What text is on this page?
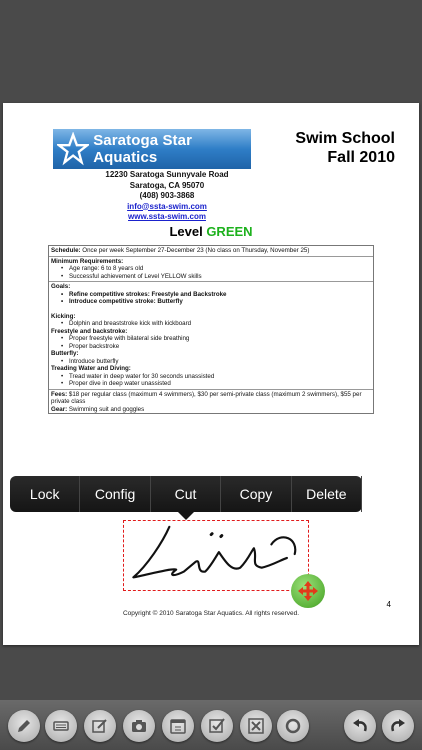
Saratoga Star Aquatics
12230 Saratoga Sunnyvale Road
Saratoga, CA 95070
(408) 903-3868
info@ssta-swim.com
www.ssta-swim.com
Swim School
Fall 2010
Level GREEN
Schedule: Once per week September 27-December 23 (No class on Thursday, November 25)
Minimum Requirements:
• Age range: 6 to 8 years old
• Successful achievement of Level YELLOW skills
Goals:
• Refine competitive strokes: Freestyle and Backstroke
• Introduce competitive stroke: Butterfly
Kicking:
• Dolphin and breaststroke kick with kickboard
Freestyle and backstroke:
• Proper freestyle with bilateral side breathing
• Proper backstroke
Butterfly:
• Introduce butterfly
Treading Water and Diving:
• Tread water in deep water for 30 seconds unassisted
• Proper dive in deep water unassisted
Fees: $18 per regular class (maximum 4 swimmers), $30 per semi-private class (maximum 2 swimmers), $55 per private class
Gear: Swimming suit and goggles
4
Copyright © 2010 Saratoga Star Aquatics. All rights reserved.
Lock	Config	Cut	Copy	Delete
